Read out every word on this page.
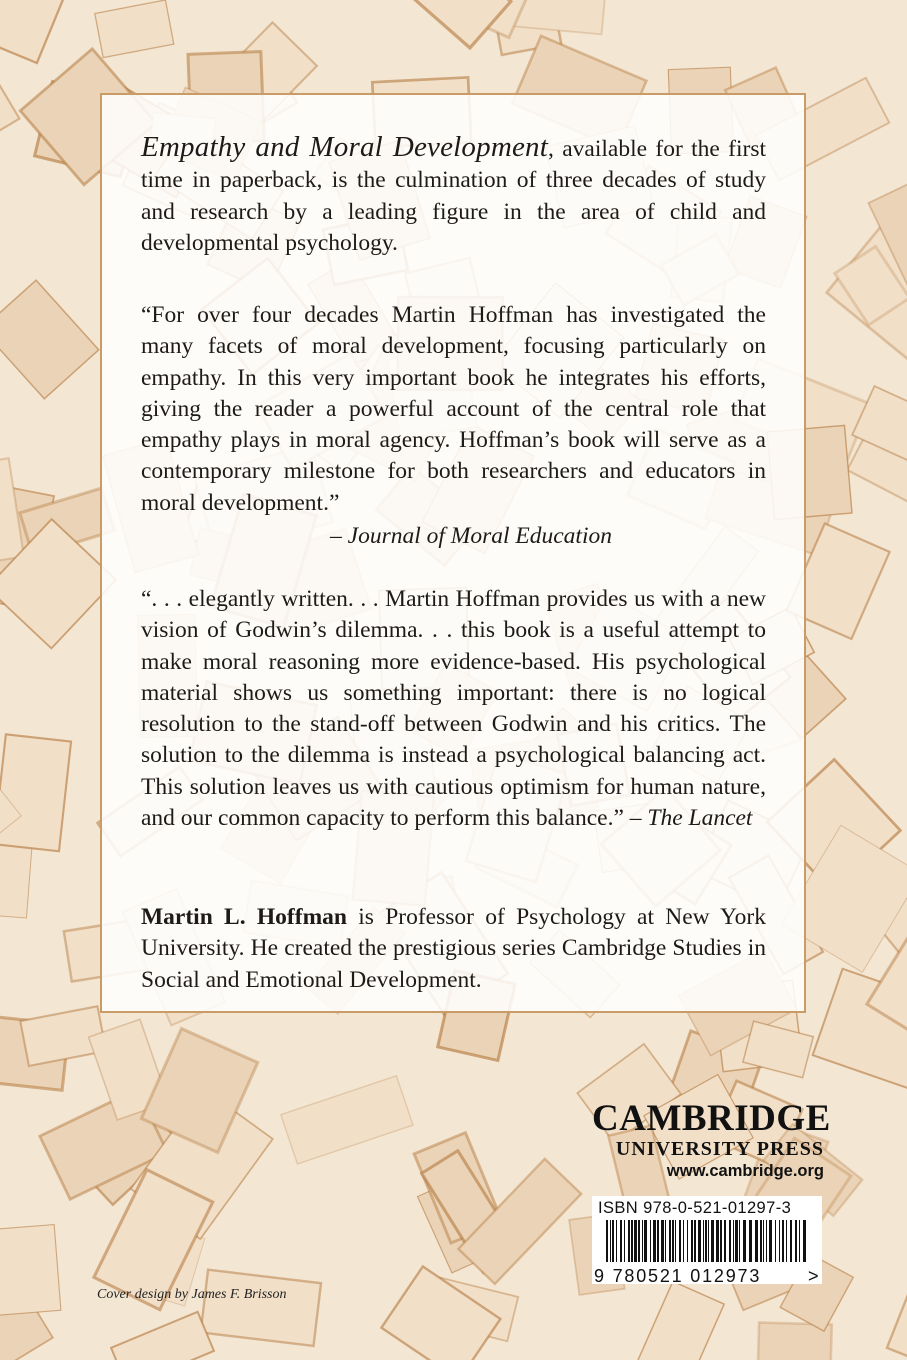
Empathy and Moral Development, available for the first time in paperback, is the culmination of three decades of study and research by a leading figure in the area of child and developmental psychology.
“For over four decades Martin Hoffman has investigated the many facets of moral development, focusing particularly on empathy. In this very important book he integrates his efforts, giving the reader a powerful account of the central role that empathy plays in moral agency. Hoffman’s book will serve as a contemporary milestone for both researchers and educators in moral development.”
– Journal of Moral Education
“. . . elegantly written. . . Martin Hoffman provides us with a new vision of Godwin’s dilemma. . . this book is a useful attempt to make moral reasoning more evidence-based. His psychological material shows us something important: there is no logical resolution to the stand-off between Godwin and his critics. The solution to the dilemma is instead a psychological balancing act. This solution leaves us with cautious optimism for human nature, and our common capacity to perform this balance.” – The Lancet
Martin L. Hoffman is Professor of Psychology at New York University. He created the prestigious series Cambridge Studies in Social and Emotional Development.
CAMBRIDGE
UNIVERSITY PRESS
www.cambridge.org
ISBN 978-0-521-01297-3
9 780521 012973	>
Cover design by James F. Brisson
